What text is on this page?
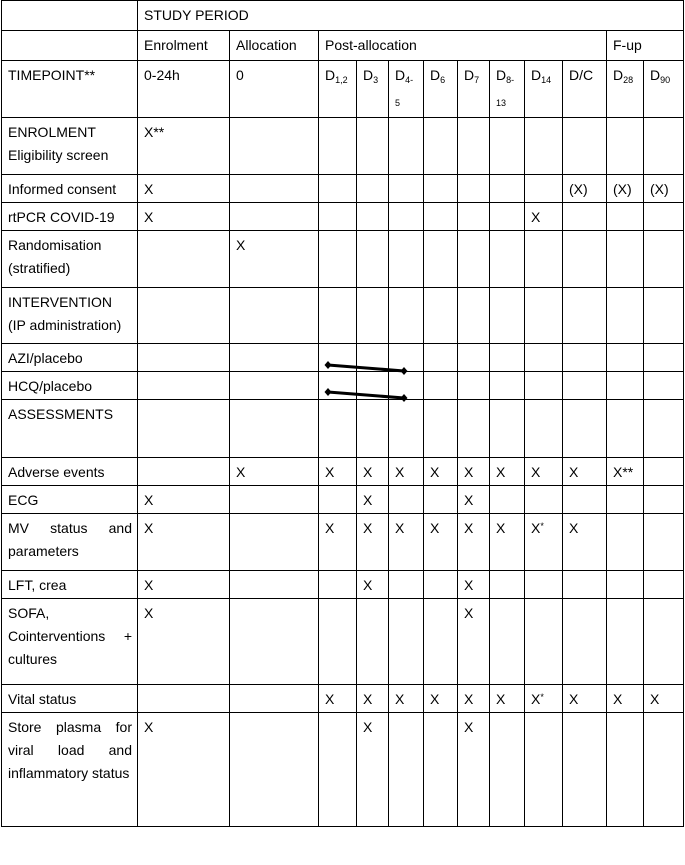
	STUDY PERIOD											
	Enrolment	Allocation	Post-allocation								F-up	
TIMEPOINT**	0-24h	0	$D_{1,2}$	$D_3$	$D_{4-5}$	$D_6$	$D_7$	$D_{8-13}$	$D_{14}$	D/C	$D_{28}$	$D_{90}$

ENROLMENT
Eligibility screen	X**											
Informed consent	X									(X)	(X)	(X)
rtPCR COVID-19	X								X			

Randomisation
(stratified)		X										

INTERVENTION
(IP administration)												

AZI/placebo												
HCQ/placebo												
ASSESSMENTS												
Adverse events		X	X	X	X	X	X	X	X	X	X**	
ECG	X			X			X					
MV status and parameters	X		X	X	X	X	X	X	X*	X		
LFT, crea	X			X			X					
SOFA, Cointerventions + cultures	X						X					
Vital status			X	X	X	X	X	X	X*	X	X	X
Store plasma for viral load and inflammatory status	X			X			X					
